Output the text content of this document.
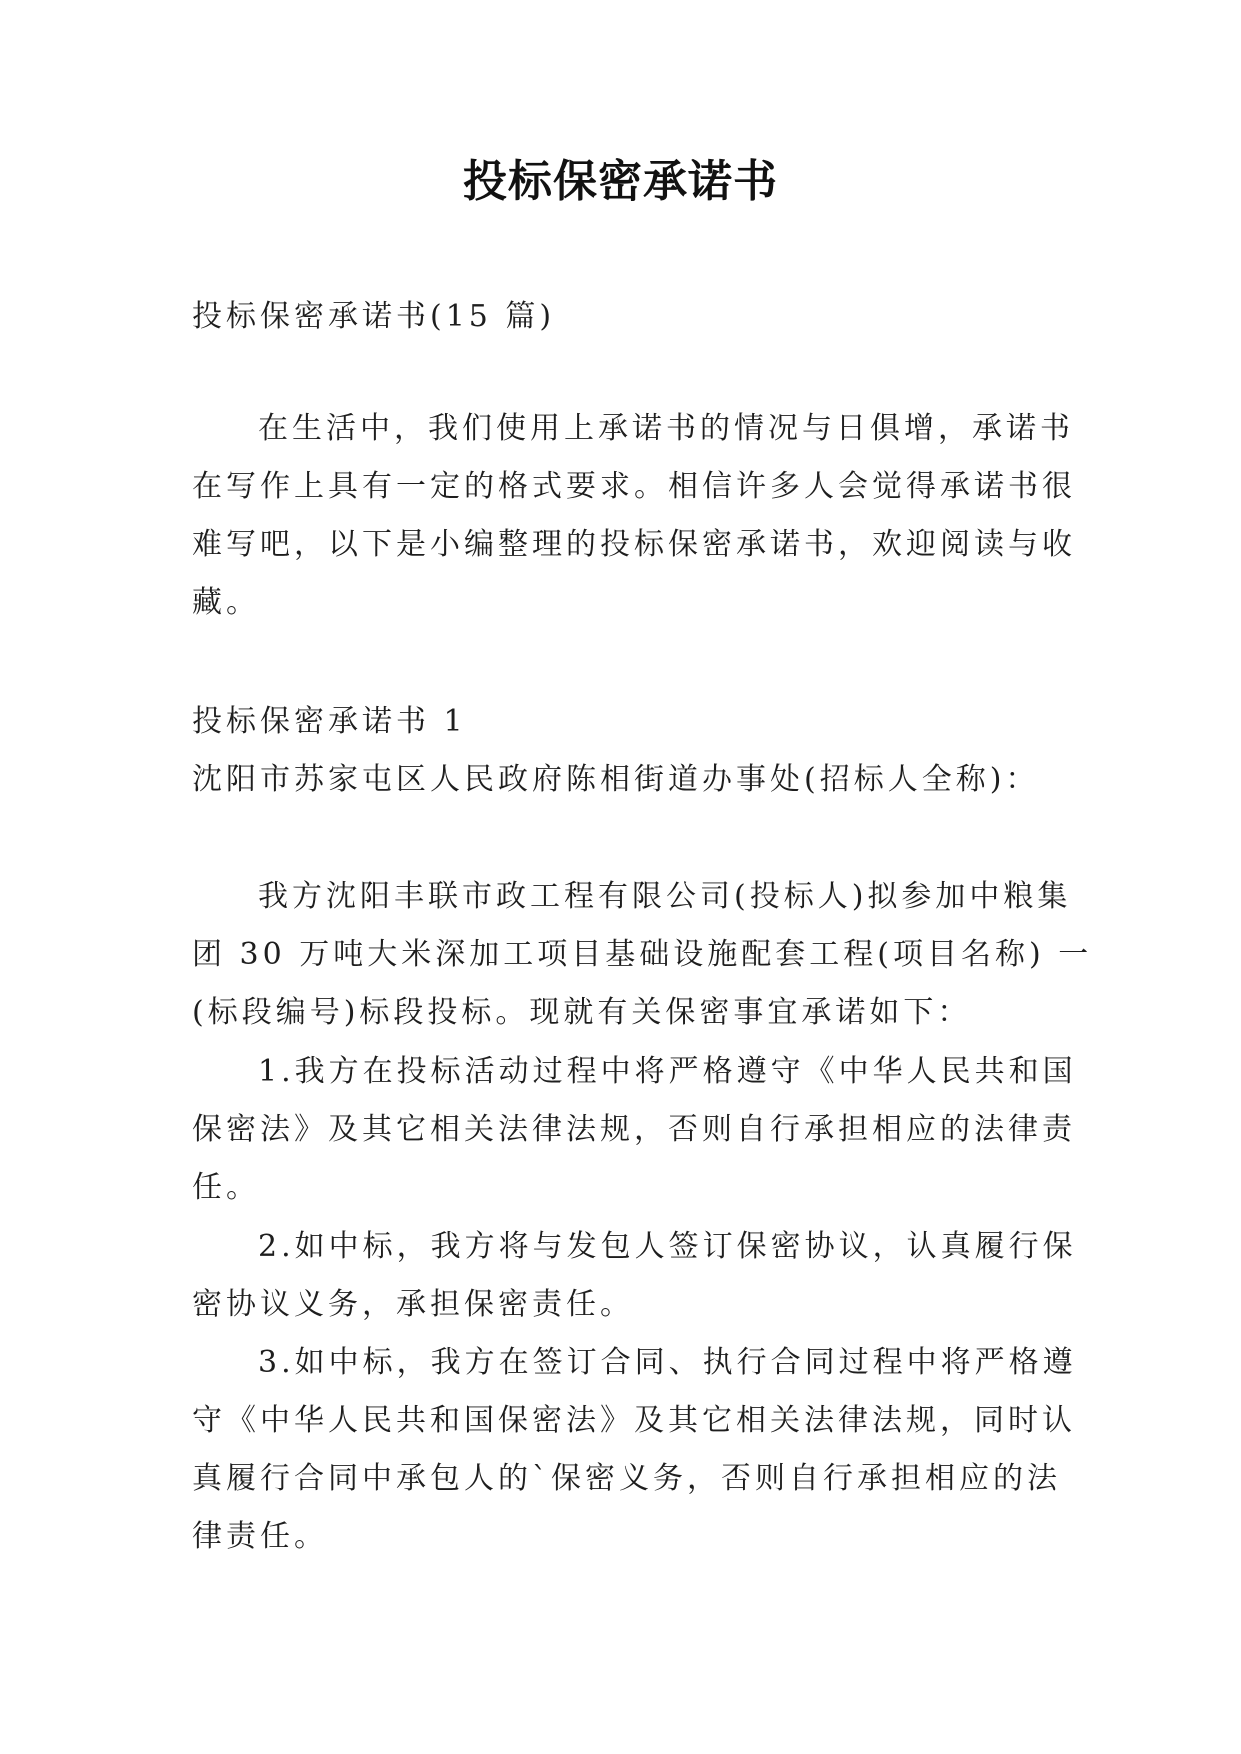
投标保密承诺书
投标保密承诺书(15 篇)
在生活中，我们使用上承诺书的情况与日俱增，承诺书
在写作上具有一定的格式要求。相信许多人会觉得承诺书很
难写吧，以下是小编整理的投标保密承诺书，欢迎阅读与收
藏。
投标保密承诺书 1
沈阳市苏家屯区人民政府陈相街道办事处(招标人全称)：
我方沈阳丰联市政工程有限公司(投标人)拟参加中粮集
团 30 万吨大米深加工项目基础设施配套工程(项目名称) 一
(标段编号)标段投标。现就有关保密事宜承诺如下：
1.我方在投标活动过程中将严格遵守《中华人民共和国
保密法》及其它相关法律法规，否则自行承担相应的法律责
任。
2.如中标，我方将与发包人签订保密协议，认真履行保
密协议义务，承担保密责任。
3.如中标，我方在签订合同、执行合同过程中将严格遵
守《中华人民共和国保密法》及其它相关法律法规，同时认
真履行合同中承包人的`保密义务，否则自行承担相应的法
律责任。
